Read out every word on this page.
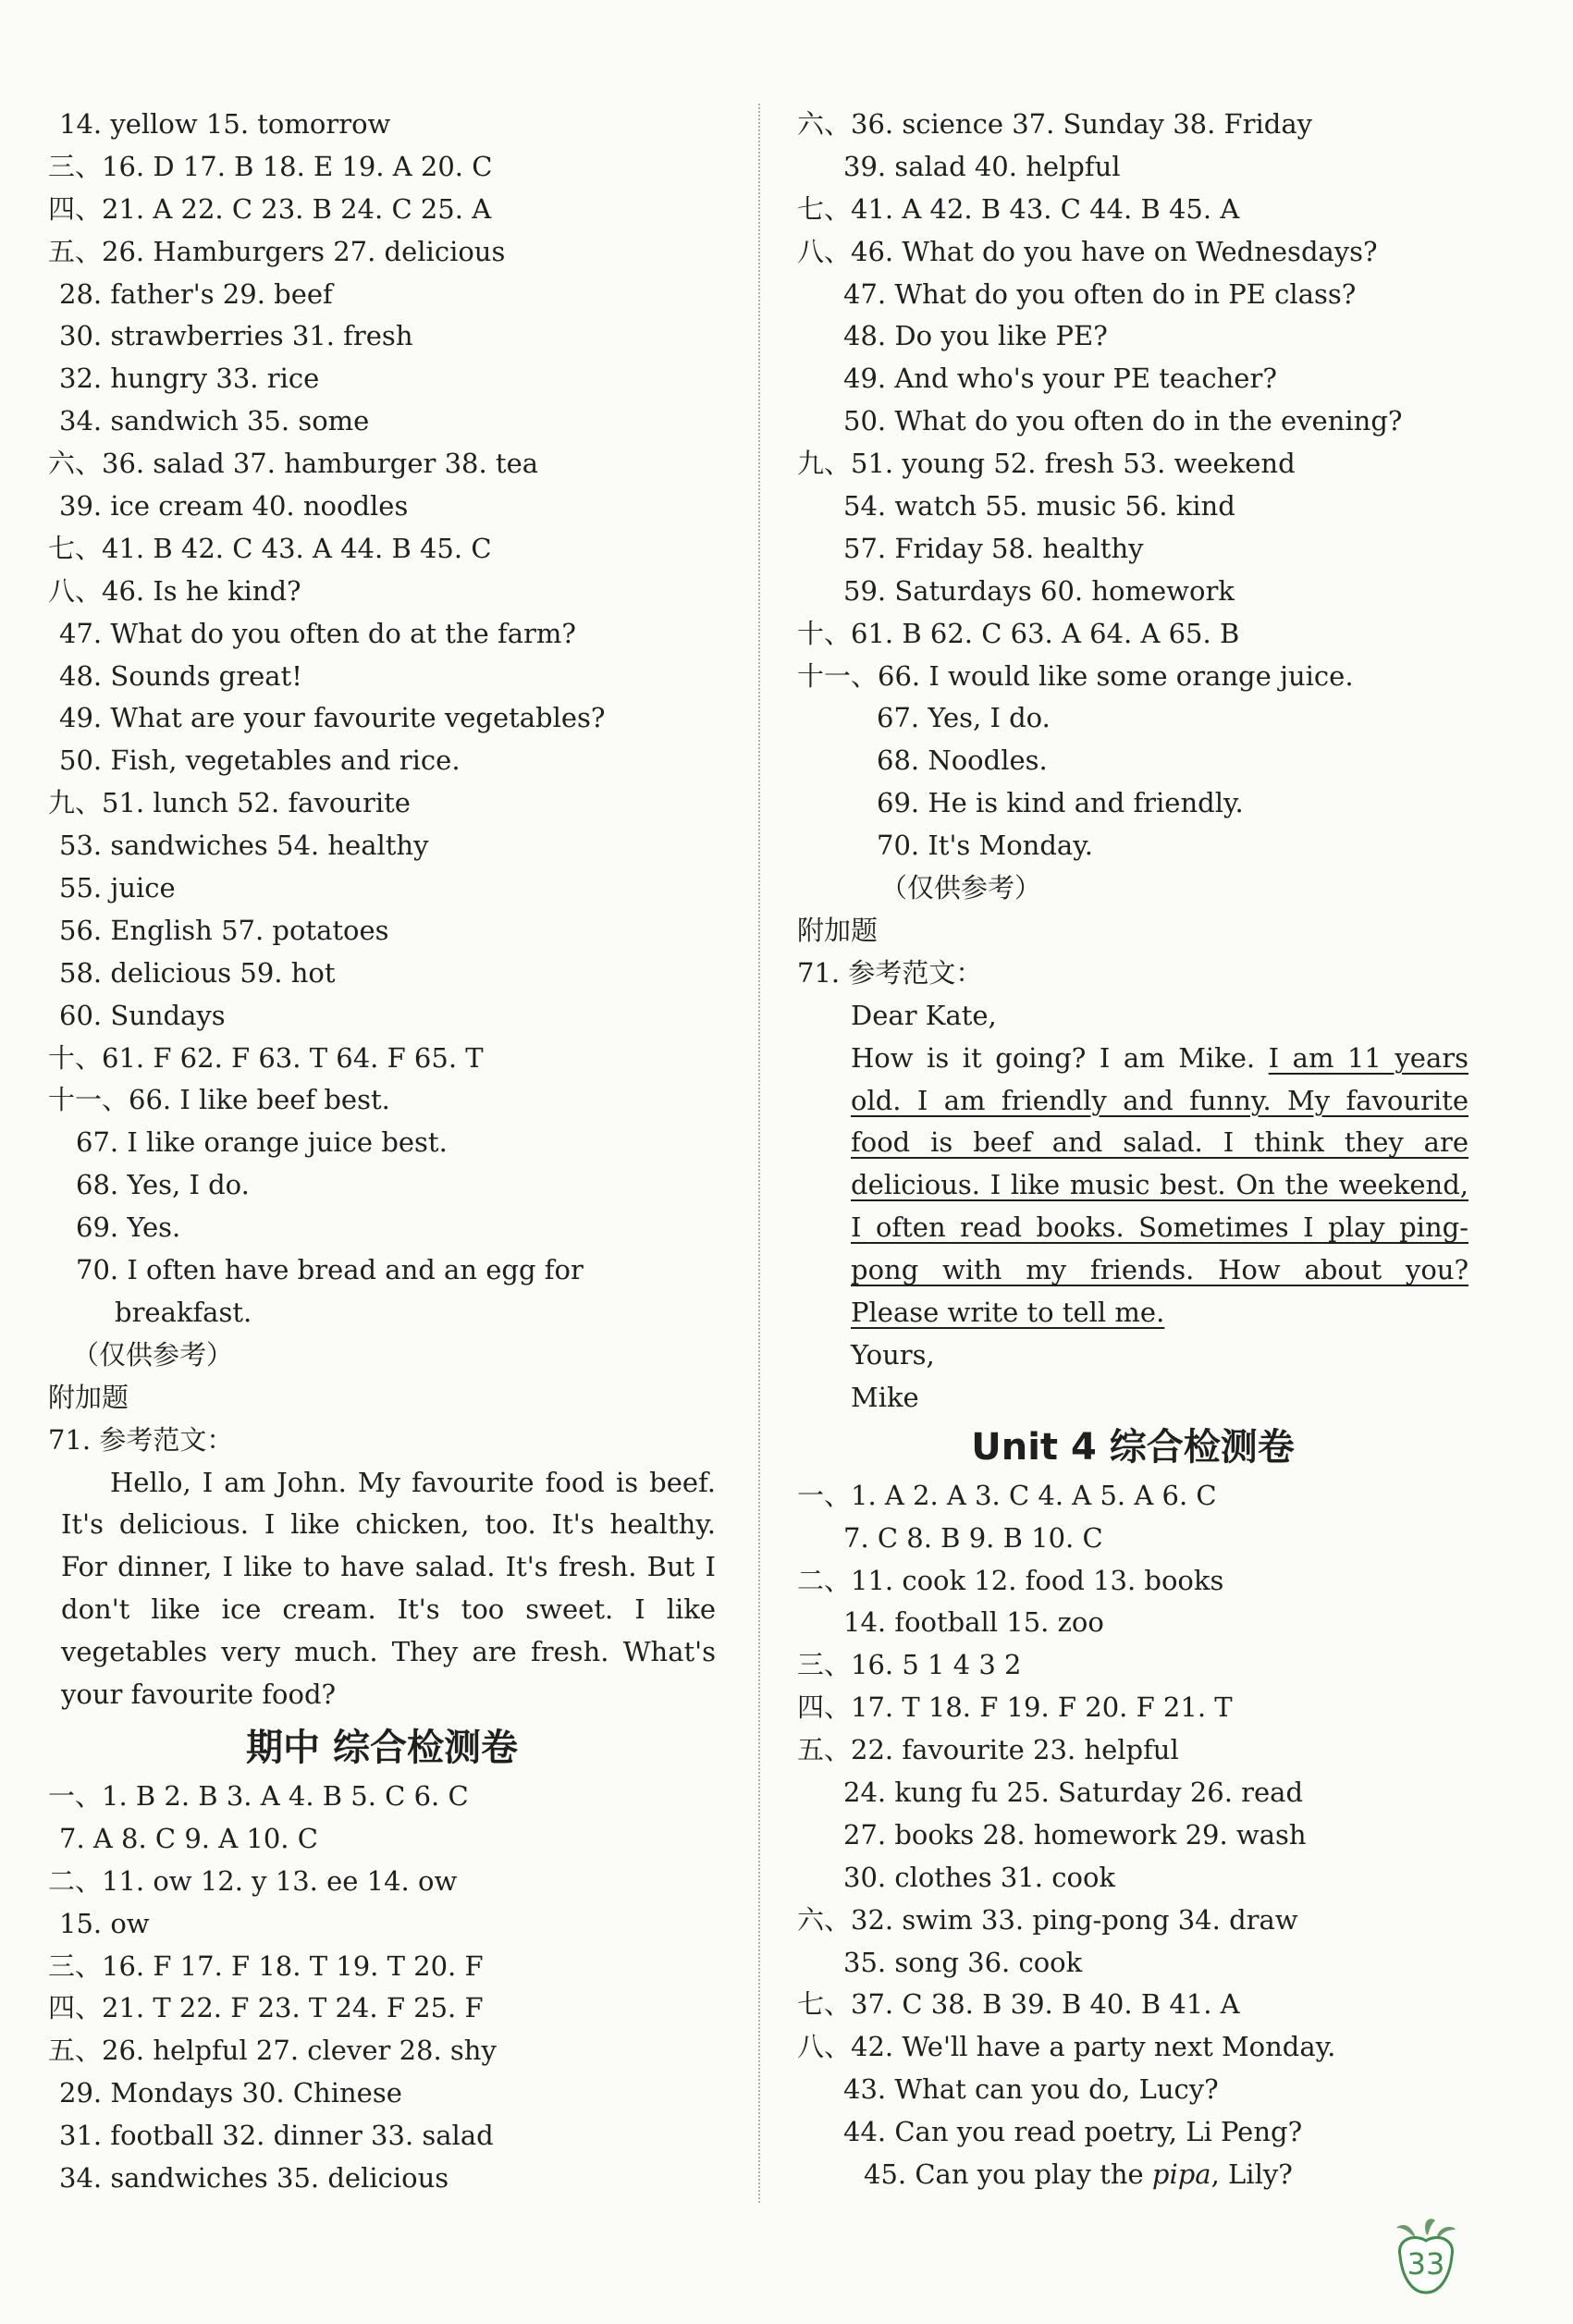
14. yellow 15. tomorrow
三、16. D 17. B 18. E 19. A 20. C
四、21. A 22. C 23. B 24. C 25. A
五、26. Hamburgers 27. delicious
28. father's 29. beef
30. strawberries 31. fresh
32. hungry 33. rice
34. sandwich 35. some
六、36. salad 37. hamburger 38. tea
39. ice cream 40. noodles
七、41. B 42. C 43. A 44. B 45. C
八、46. Is he kind?
47. What do you often do at the farm?
48. Sounds great!
49. What are your favourite vegetables?
50. Fish, vegetables and rice.
九、51. lunch 52. favourite
53. sandwiches 54. healthy
55. juice
56. English 57. potatoes
58. delicious 59. hot
60. Sundays
十、61. F 62. F 63. T 64. F 65. T
十一、66. I like beef best.
67. I like orange juice best.
68. Yes, I do.
69. Yes.
70. I often have bread and an egg for
breakfast.
（仅供参考）
附加题
71. 参考范文：
Hello, I am John. My favourite food is beef. It's delicious. I like chicken, too. It's healthy. For dinner, I like to have salad. It's fresh. But I don't like ice cream. It's too sweet. I like vegetables very much. They are fresh. What's your favourite food?
期中 综合检测卷
一、1. B 2. B 3. A 4. B 5. C 6. C
7. A 8. C 9. A 10. C
二、11. ow 12. y 13. ee 14. ow
15. ow
三、16. F 17. F 18. T 19. T 20. F
四、21. T 22. F 23. T 24. F 25. F
五、26. helpful 27. clever 28. shy
29. Mondays 30. Chinese
31. football 32. dinner 33. salad
34. sandwiches 35. delicious
六、36. science 37. Sunday 38. Friday
39. salad 40. helpful
七、41. A 42. B 43. C 44. B 45. A
八、46. What do you have on Wednesdays?
47. What do you often do in PE class?
48. Do you like PE?
49. And who's your PE teacher?
50. What do you often do in the evening?
九、51. young 52. fresh 53. weekend
54. watch 55. music 56. kind
57. Friday 58. healthy
59. Saturdays 60. homework
十、61. B 62. C 63. A 64. A 65. B
十一、66. I would like some orange juice.
67. Yes, I do.
68. Noodles.
69. He is kind and friendly.
70. It's Monday.
（仅供参考）
附加题
71. 参考范文：
Dear Kate,
How is it going? I am Mike. I am 11 years old. I am friendly and funny. My favourite food is beef and salad. I think they are delicious. I like music best. On the weekend, I often read books. Sometimes I play ping-pong with my friends. How about you? Please write to tell me.
Yours,
Mike
Unit 4 综合检测卷
一、1. A 2. A 3. C 4. A 5. A 6. C
7. C 8. B 9. B 10. C
二、11. cook 12. food 13. books
14. football 15. zoo
三、16. 5 1 4 3 2
四、17. T 18. F 19. F 20. F 21. T
五、22. favourite 23. helpful
24. kung fu 25. Saturday 26. read
27. books 28. homework 29. wash
30. clothes 31. cook
六、32. swim 33. ping-pong 34. draw
35. song 36. cook
七、37. C 38. B 39. B 40. B 41. A
八、42. We'll have a party next Monday.
43. What can you do, Lucy?
44. Can you read poetry, Li Peng?
45. Can you play the pipa, Lily?
33
